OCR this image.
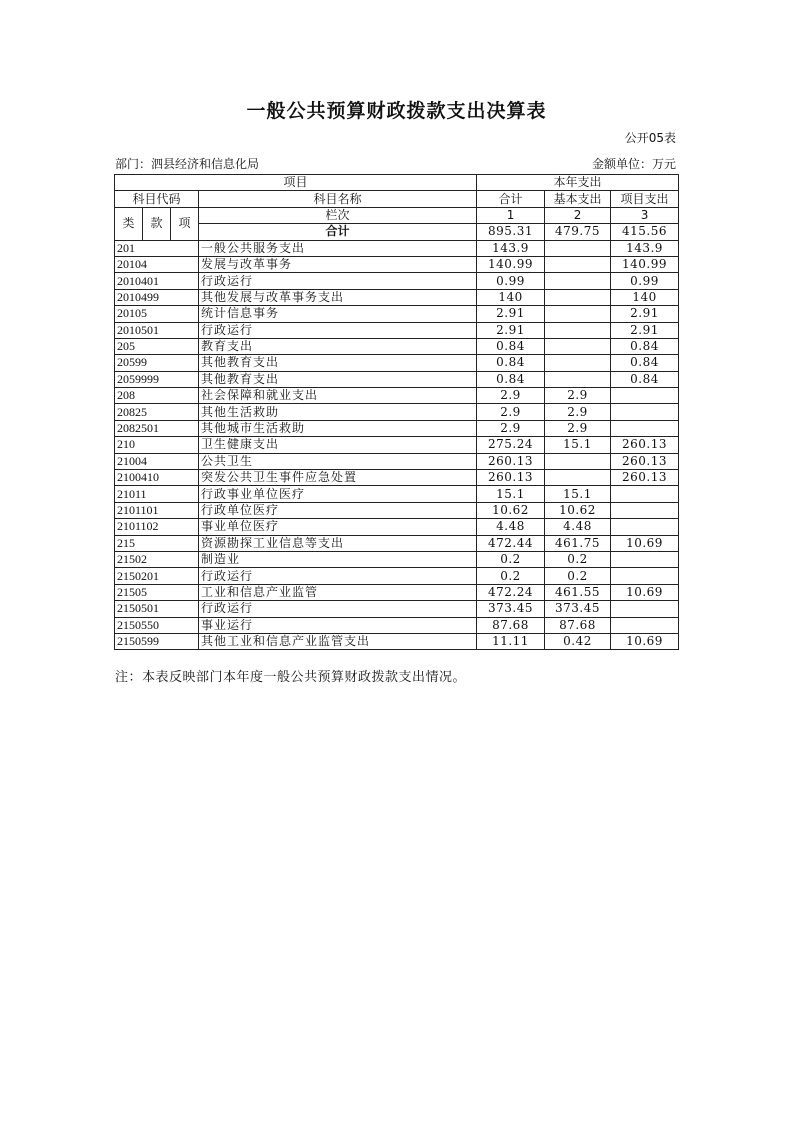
一般公共预算财政拨款支出决算表
公开05表
部门：泗县经济和信息化局	金额单位：万元
项目				本年支出		
科目代码			科目名称	合计	基本支出	项目支出
类	款	项	栏次	1	2	3
			合计	895.31	479.75	415.56
201			一般公共服务支出	143.9		143.9
20104			发展与改革事务	140.99		140.99
2010401			行政运行	0.99		0.99
2010499			其他发展与改革事务支出	140		140
20105			统计信息事务	2.91		2.91
2010501			行政运行	2.91		2.91
205			教育支出	0.84		0.84
20599			其他教育支出	0.84		0.84
2059999			其他教育支出	0.84		0.84
208			社会保障和就业支出	2.9	2.9	
20825			其他生活救助	2.9	2.9	
2082501			其他城市生活救助	2.9	2.9	
210			卫生健康支出	275.24	15.1	260.13
21004			公共卫生	260.13		260.13
2100410			突发公共卫生事件应急处置	260.13		260.13
21011			行政事业单位医疗	15.1	15.1	
2101101			行政单位医疗	10.62	10.62	
2101102			事业单位医疗	4.48	4.48	
215			资源勘探工业信息等支出	472.44	461.75	10.69
21502			制造业	0.2	0.2	
2150201			行政运行	0.2	0.2	
21505			工业和信息产业监管	472.24	461.55	10.69
2150501			行政运行	373.45	373.45	
2150550			事业运行	87.68	87.68	
2150599			其他工业和信息产业监管支出	11.11	0.42	10.69
注：本表反映部门本年度一般公共预算财政拨款支出情况。
